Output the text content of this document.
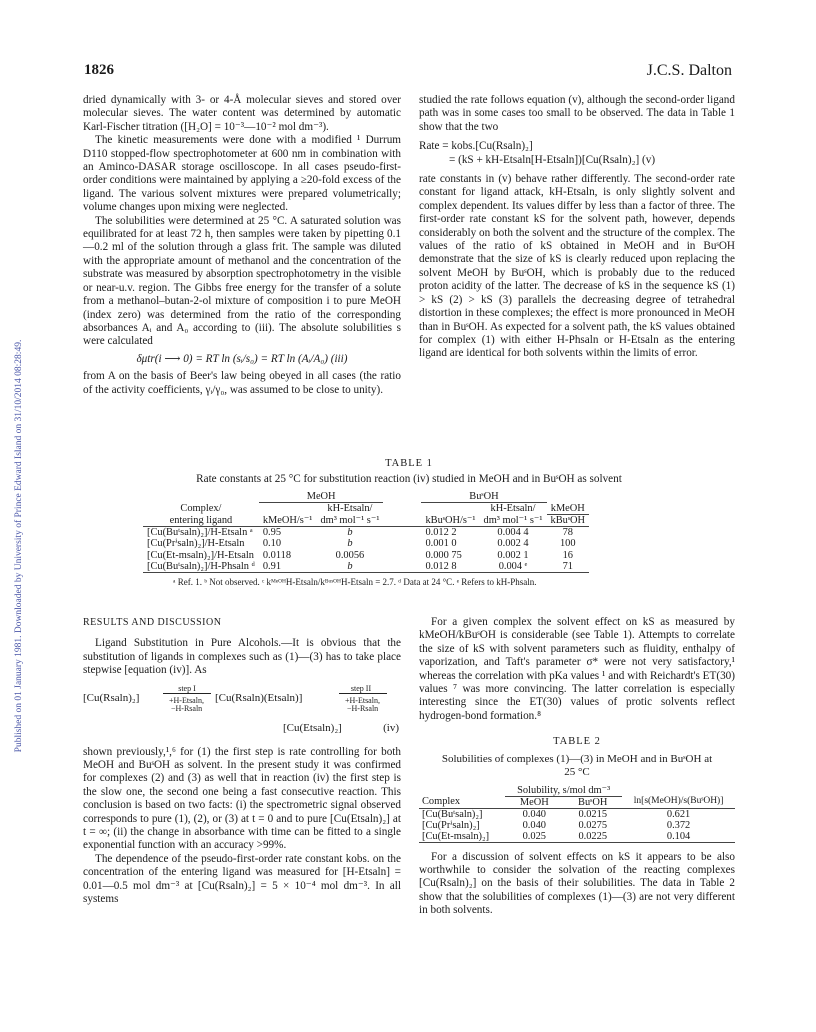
1826	J.C.S. Dalton
Published on 01 January 1981. Downloaded by University of Prince Edward Island on 31/10/2014 08:28:49.

dried dynamically with 3- or 4-Å molecular sieves and stored over molecular sieves. The water content was determined by automatic Karl-Fischer titration ([H₂O] = 10⁻³—10⁻² mol dm⁻³).

The kinetic measurements were done with a modified ¹ Durrum D110 stopped-flow spectrophotometer at 600 nm in combination with an Aminco-DASAR storage oscilloscope. In all cases pseudo-first-order conditions were maintained by applying a ≥20-fold excess of the ligand. The various solvent mixtures were prepared volumetrically; volume changes upon mixing were neglected.

The solubilities were determined at 25 °C. A saturated solution was equilibrated for at least 72 h, then samples were taken by pipetting 0.1—0.2 ml of the solution through a glass frit. The sample was diluted with the appropriate amount of methanol and the concentration of the substrate was measured by absorption spectrophotometry in the visible or near-u.v. region. The Gibbs free energy for the transfer of a solute from a methanol–butan-2-ol mixture of composition i to pure MeOH (index zero) was determined from the ratio of the corresponding absorbances Aᵢ and A₀ according to (iii). The absolute solubilities s were calculated

δμtr(i ⟶ 0) = RT ln (sᵢ/s₀) = RT ln (Aᵢ/A₀) (iii)

from A on the basis of Beer's law being obeyed in all cases (the ratio of the activity coefficients, γᵢ/γ₀, was assumed to be close to unity).

studied the rate follows equation (v), although the second-order ligand path was in some cases too small to be observed. The data in Table 1 show that the two

Rate = kobs.[Cu(Rsaln)₂]
= (kS + kH-Etsaln[H-Etsaln])[Cu(Rsaln)₂] (v)

rate constants in (v) behave rather differently. The second-order rate constant for ligand attack, kH-Etsaln, is only slightly solvent and complex dependent. Its values differ by less than a factor of three. The first-order rate constant kS for the solvent path, however, depends considerably on both the solvent and the structure of the complex. The values of the ratio of kS obtained in MeOH and in BuˢOH demonstrate that the size of kS is clearly reduced upon replacing the solvent MeOH by BuˢOH, which is probably due to the reduced proton acidity of the latter. The decrease of kS in the sequence kS (1) > kS (2) > kS (3) parallels the decreasing degree of tetrahedral distortion in these complexes; the effect is more pronounced in MeOH than in BuˢOH. As expected for a solvent path, the kS values obtained for complex (1) with either H-Phsaln or H-Etsaln as the entering ligand are identical for both solvents within the limits of error.

TABLE 1
Rate constants at 25 °C for substitution reaction (iv) studied in MeOH and in BuˢOH as solvent
	MeOH			BuˢOH		
Complex/		kH-Etsaln/			kH-Etsaln/	kMeOH
entering ligand	kMeOH/s⁻¹	dm³ mol⁻¹ s⁻¹		kBuˢOH/s⁻¹	dm³ mol⁻¹ s⁻¹	kBuˢOH
[Cu(Buᵗsaln)₂]/H-Etsaln ᵃ	0.95	b		0.012 2	0.004 4	78
[Cu(Prⁱsaln)₂]/H-Etsaln	0.10	b		0.001 0	0.002 4	100
[Cu(Et-msaln)₂]/H-Etsaln	0.0118	0.0056		0.000 75	0.002 1	16
[Cu(Buᵗsaln)₂]/H-Phsaln ᵈ	0.91	b		0.012 8	0.004 ᵉ	71
ᵃ Ref. 1. ᵇ Not observed. ᶜ kᴹᵉᴼᴴH-Etsaln/kᴮᵘˢᴼᴴH-Etsaln = 2.7. ᵈ Data at 24 °C. ᵉ Refers to kH-Phsaln.
RESULTS AND DISCUSSION

Ligand Substitution in Pure Alcohols.—It is obvious that the substitution of ligands in complexes such as (1)—(3) has to take place stepwise [equation (iv)]. As

[Cu(Rsaln)₂]
step I
+H-Etsaln,
−H-Rsaln
[Cu(Rsaln)(Etsaln)]
step II
+H-Etsaln,
−H-Rsaln
[Cu(Etsaln)₂]	(iv)

shown previously,¹,⁶ for (1) the first step is rate controlling for both MeOH and BuˢOH as solvent. In the present study it was confirmed for complexes (2) and (3) as well that in reaction (iv) the first step is the slow one, the second one being a fast consecutive reaction. This conclusion is based on two facts: (i) the spectrometric signal observed corresponds to pure (1), (2), or (3) at t = 0 and to pure [Cu(Etsaln)₂] at t = ∞; (ii) the change in absorbance with time can be fitted to a single exponential function with an accuracy >99%.

The dependence of the pseudo-first-order rate constant kobs. on the concentration of the entering ligand was measured for [H-Etsaln] = 0.01—0.5 mol dm⁻³ at [Cu(Rsaln)₂] = 5 × 10⁻⁴ mol dm⁻³. In all systems

For a given complex the solvent effect on kS as measured by kMeOH/kBuˢOH is considerable (see Table 1). Attempts to correlate the size of kS with solvent parameters such as fluidity, enthalpy of vaporization, and Taft's parameter σ* were not very satisfactory,¹ whereas the correlation with pKa values ¹ and with Reichardt's ET(30) values ⁷ was more convincing. The latter correlation is especially interesting since the ET(30) values of protic solvents reflect hydrogen-bond formation.⁸

TABLE 2
Solubilities of complexes (1)—(3) in MeOH and in BuˢOH at 25 °C
	Solubility, s/mol dm⁻³		
Complex	MeOH	BuˢOH	ln[s(MeOH)/s(BuˢOH)]
[Cu(Buᵗsaln)₂]	0.040	0.0215	0.621
[Cu(Prⁱsaln)₂]	0.040	0.0275	0.372
[Cu(Et-msaln)₂]	0.025	0.0225	0.104

For a discussion of solvent effects on kS it appears to be also worthwhile to consider the solvation of the reacting complexes [Cu(Rsaln)₂] on the basis of their solubilities. The data in Table 2 show that the solubilities of complexes (1)—(3) are not very different in both solvents.
